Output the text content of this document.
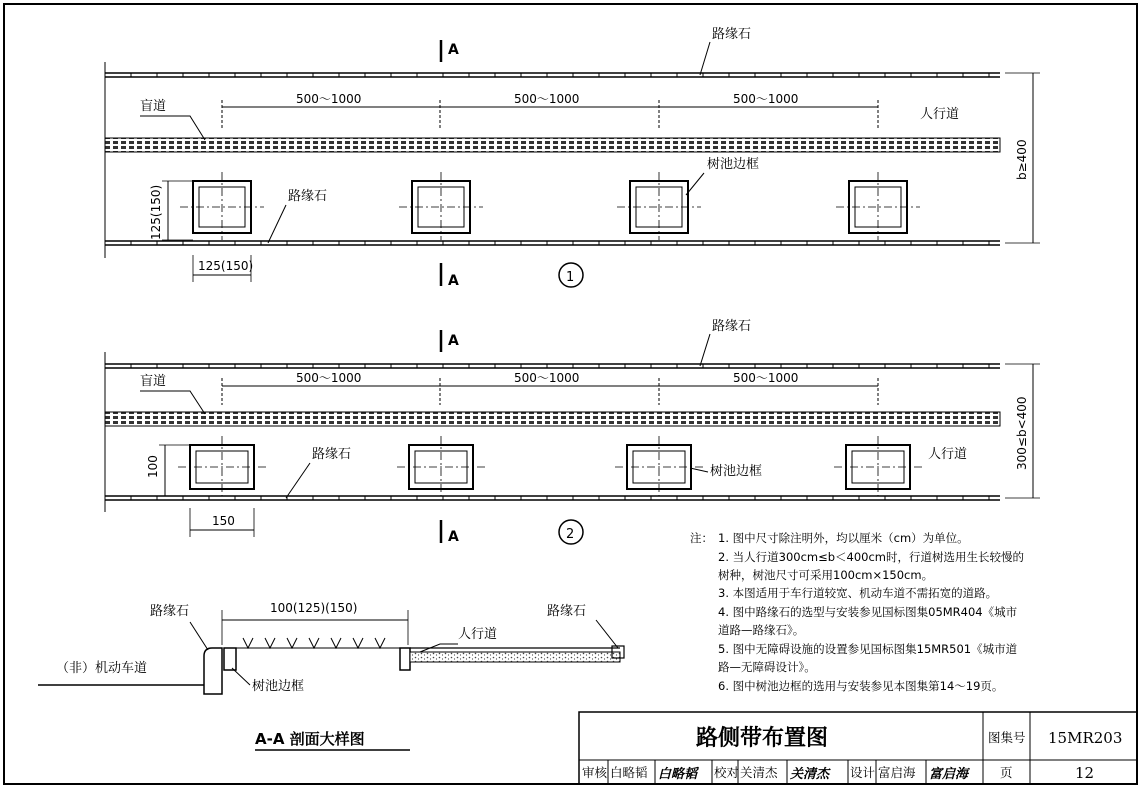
A
A
路缘石
盲道
人行道
500～1000	500～1000	500～1000
树池边框
路缘石
125(150)
125(150)
b≥400
1
A
A
路缘石
盲道
人行道
500～1000	500～1000	500～1000
树池边框
路缘石
100
150
300≤b<400
2
100(125)(150)
路缘石	路缘石
人行道
（非）机动车道
树池边框
A-A 剖面大样图
注： 1. 图中尺寸除注明外，均以厘米（cm）为单位。
2. 当人行道300cm≤b＜400cm时，行道树选用生长较慢的
树种，树池尺寸可采用100cm×150cm。
3. 本图适用于车行道较宽、机动车道不需拓宽的道路。
4. 图中路缘石的选型与安装参见国标图集05MR404《城市
道路—路缘石》。
5. 图中无障碍设施的设置参见国标图集15MR501《城市道
路—无障碍设计》。
6. 图中树池边框的选用与安装参见本图集第14～19页。
路侧带布置图	图集号 15MR203
页	12
审核 白略韬 白略韬 校对 关清杰 关清杰 设计 富启海 富启海
